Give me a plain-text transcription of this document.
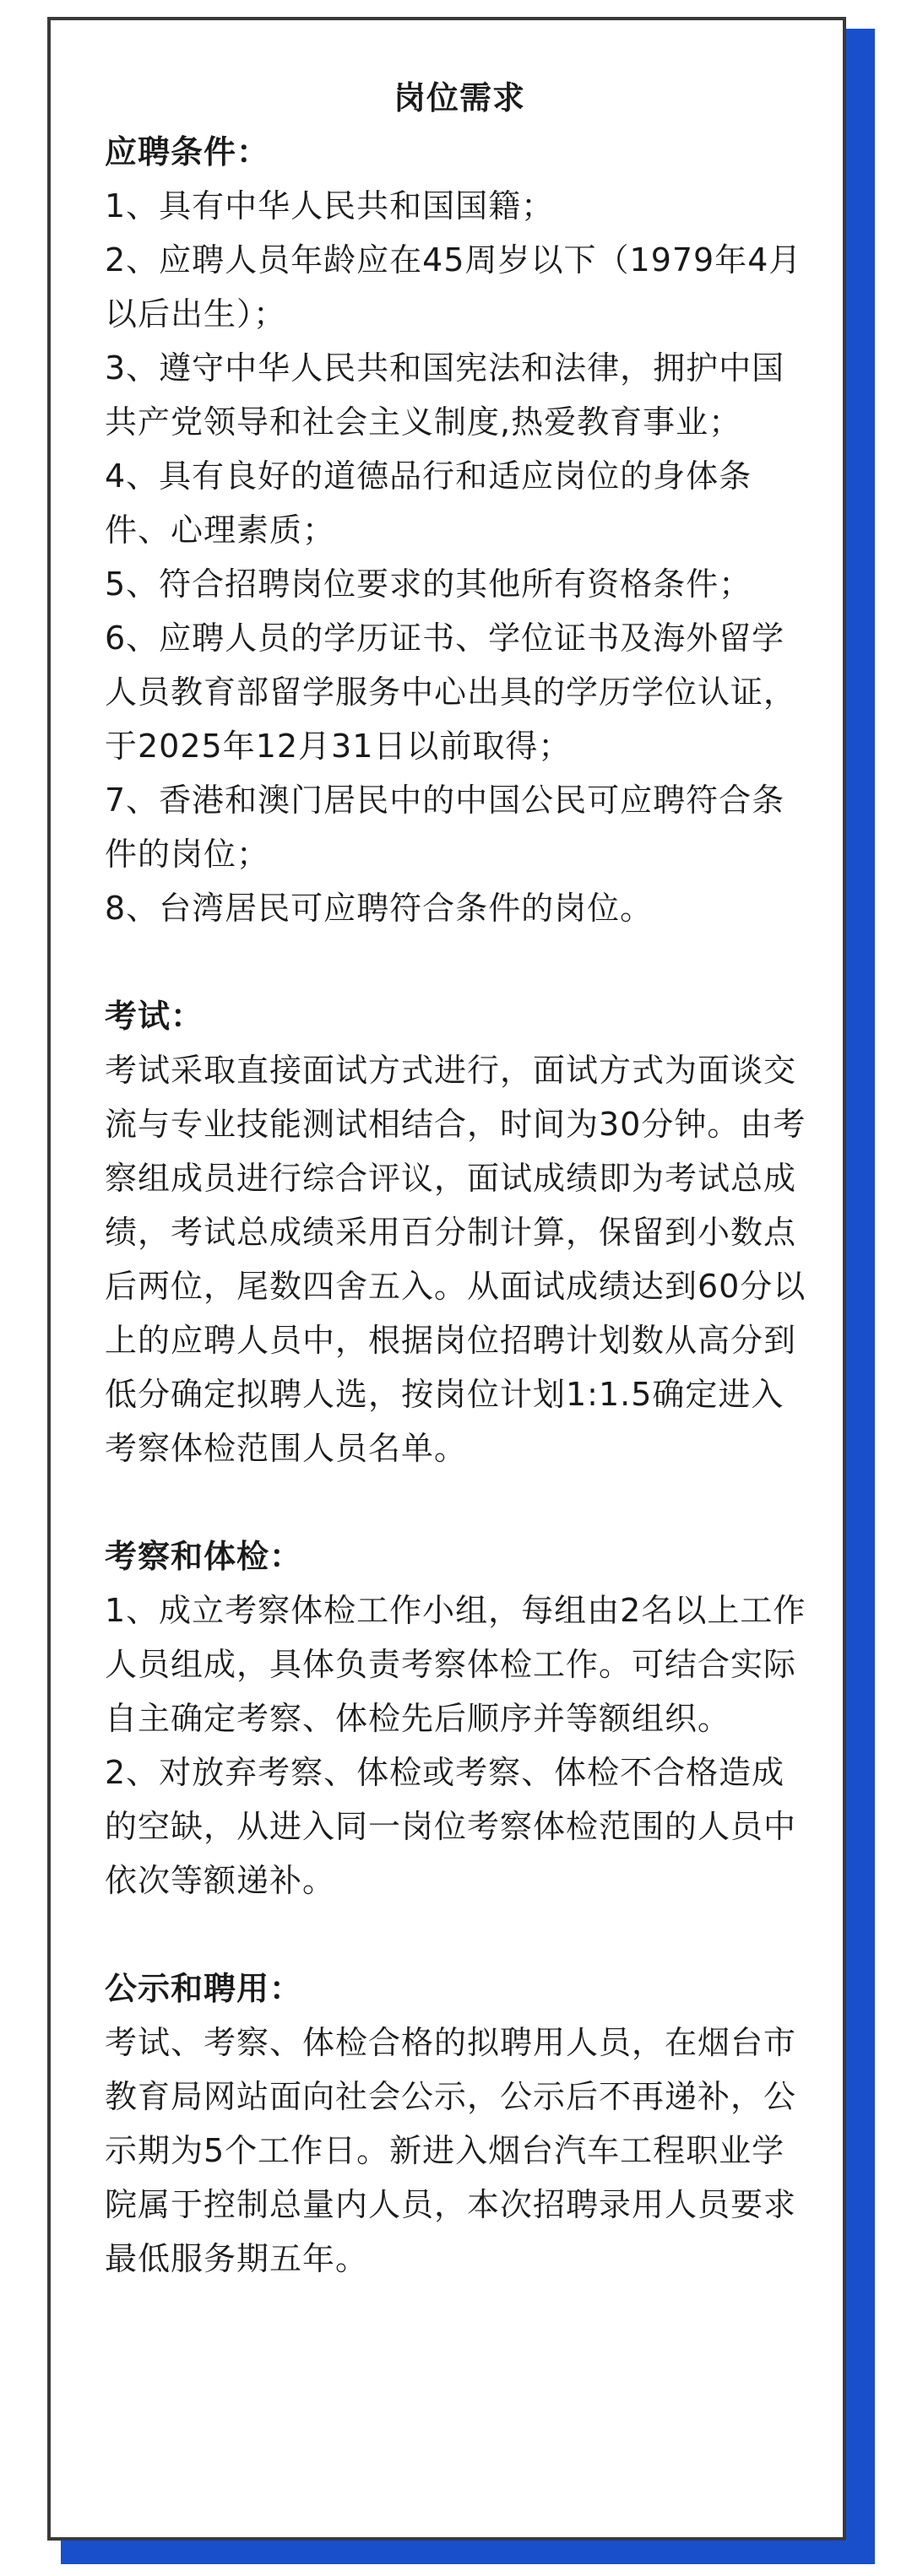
岗位需求

应聘条件：

1、具有中华人民共和国国籍；

2、应聘人员年龄应在45周岁以下（1979年4月以后出生）；

3、遵守中华人民共和国宪法和法律，拥护中国共产党领导和社会主义制度,热爱教育事业；

4、具有良好的道德品行和适应岗位的身体条件、心理素质；

5、符合招聘岗位要求的其他所有资格条件；

6、应聘人员的学历证书、学位证书及海外留学人员教育部留学服务中心出具的学历学位认证，于2025年12月31日以前取得；

7、香港和澳门居民中的中国公民可应聘符合条件的岗位；

8、台湾居民可应聘符合条件的岗位。

考试：

考试采取直接面试方式进行，面试方式为面谈交流与专业技能测试相结合，时间为30分钟。由考察组成员进行综合评议，面试成绩即为考试总成绩，考试总成绩采用百分制计算，保留到小数点后两位，尾数四舍五入。从面试成绩达到60分以上的应聘人员中，根据岗位招聘计划数从高分到低分确定拟聘人选，按岗位计划1:1.5确定进入考察体检范围人员名单。

考察和体检：

1、成立考察体检工作小组，每组由2名以上工作人员组成，具体负责考察体检工作。可结合实际自主确定考察、体检先后顺序并等额组织。

2、对放弃考察、体检或考察、体检不合格造成的空缺，从进入同一岗位考察体检范围的人员中依次等额递补。

公示和聘用：

考试、考察、体检合格的拟聘用人员，在烟台市教育局网站面向社会公示，公示后不再递补，公示期为5个工作日。新进入烟台汽车工程职业学院属于控制总量内人员，本次招聘录用人员要求最低服务期五年。
